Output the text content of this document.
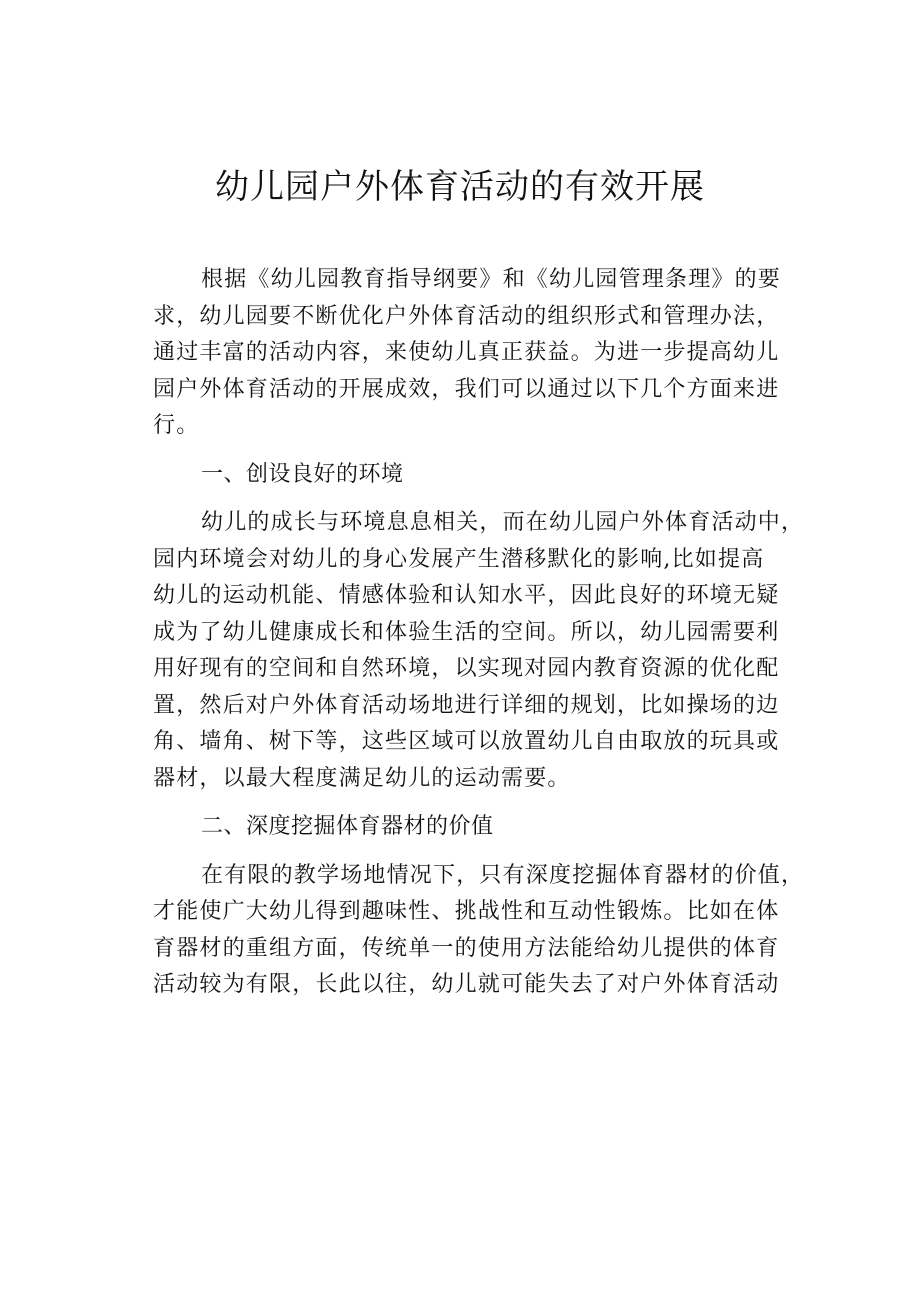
幼儿园户外体育活动的有效开展

根据《幼儿园教育指导纲要》和《幼儿园管理条理》的要
求，幼儿园要不断优化户外体育活动的组织形式和管理办法，
通过丰富的活动内容，来使幼儿真正获益。为进一步提高幼儿
园户外体育活动的开展成效，我们可以通过以下几个方面来进
行。

一、创设良好的环境

幼儿的成长与环境息息相关，而在幼儿园户外体育活动中，
园内环境会对幼儿的身心发展产生潜移默化的影响,比如提高
幼儿的运动机能、情感体验和认知水平，因此良好的环境无疑
成为了幼儿健康成长和体验生活的空间。所以，幼儿园需要利
用好现有的空间和自然环境，以实现对园内教育资源的优化配
置，然后对户外体育活动场地进行详细的规划，比如操场的边
角、墙角、树下等，这些区域可以放置幼儿自由取放的玩具或
器材，以最大程度满足幼儿的运动需要。

二、深度挖掘体育器材的价值

在有限的教学场地情况下，只有深度挖掘体育器材的价值，
才能使广大幼儿得到趣味性、挑战性和互动性锻炼。比如在体
育器材的重组方面，传统单一的使用方法能给幼儿提供的体育
活动较为有限，长此以往，幼儿就可能失去了对户外体育活动
